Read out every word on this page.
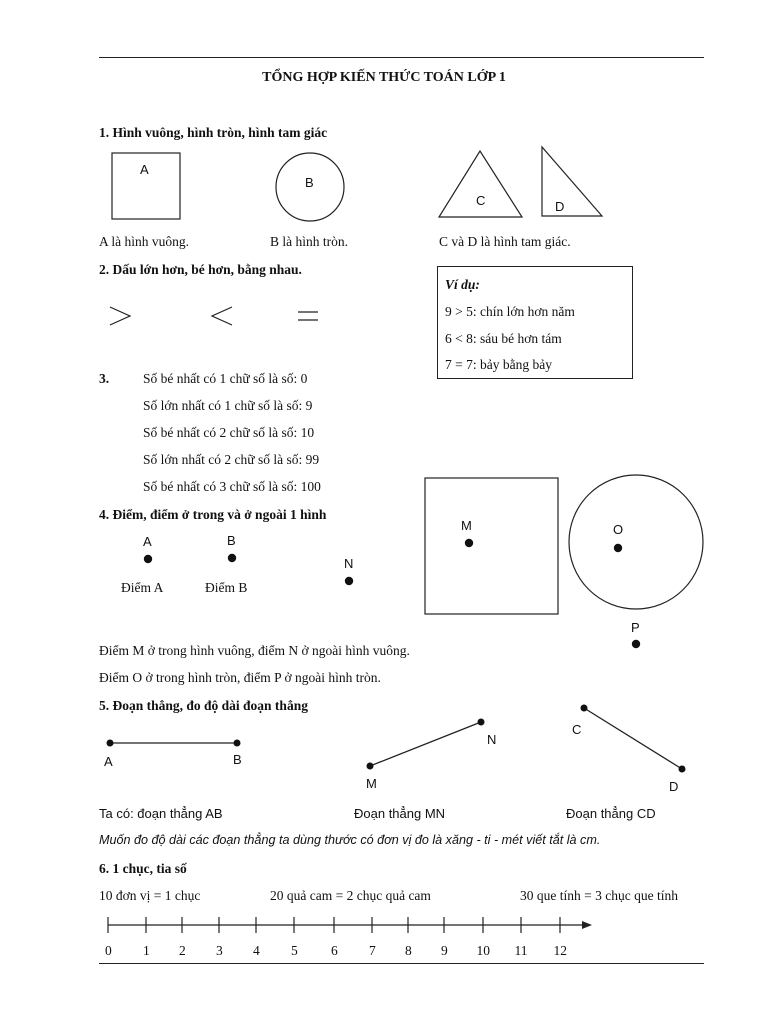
TỔNG HỢP KIẾN THỨC TOÁN LỚP 1
1. Hình vuông, hình tròn, hình tam giác
A
B
C	D
A là hình vuông.	B là hình tròn.	C và D là hình tam giác.
2. Dấu lớn hơn, bé hơn, bằng nhau.
Ví dụ:
9 > 5: chín lớn hơn năm
6 < 8: sáu bé hơn tám
7 = 7: bảy bằng bảy
3.	Số bé nhất có 1 chữ số là số: 0
Số lớn nhất có 1 chữ số là số: 9
Số bé nhất có 2 chữ số là số: 10
Số lớn nhất có 2 chữ số là số: 99
Số bé nhất có 3 chữ số là số: 100
4. Điểm, điểm ở trong và ở ngoài 1 hình
A	B
N
M	O
P
Điểm A	Điểm B
Điểm M ở trong hình vuông, điểm N ở ngoài hình vuông.
Điểm O ở trong hình tròn, điểm P ở ngoài hình tròn.
5. Đoạn thẳng, đo độ dài đoạn thẳng
A	B
M
N
C
D
Ta có: đoạn thẳng AB	Đoạn thẳng MN	Đoạn thẳng CD
Muốn đo độ dài các đoạn thẳng ta dùng thước có đơn vị đo là xăng - ti - mét viết tắt là cm.
6. 1 chục, tia số
10 đơn vị = 1 chục	20 quả cam = 2 chục quả cam	30 que tính = 3 chục que tính
0 1 2 3 4 5 6 7 8 9 10 11 12
